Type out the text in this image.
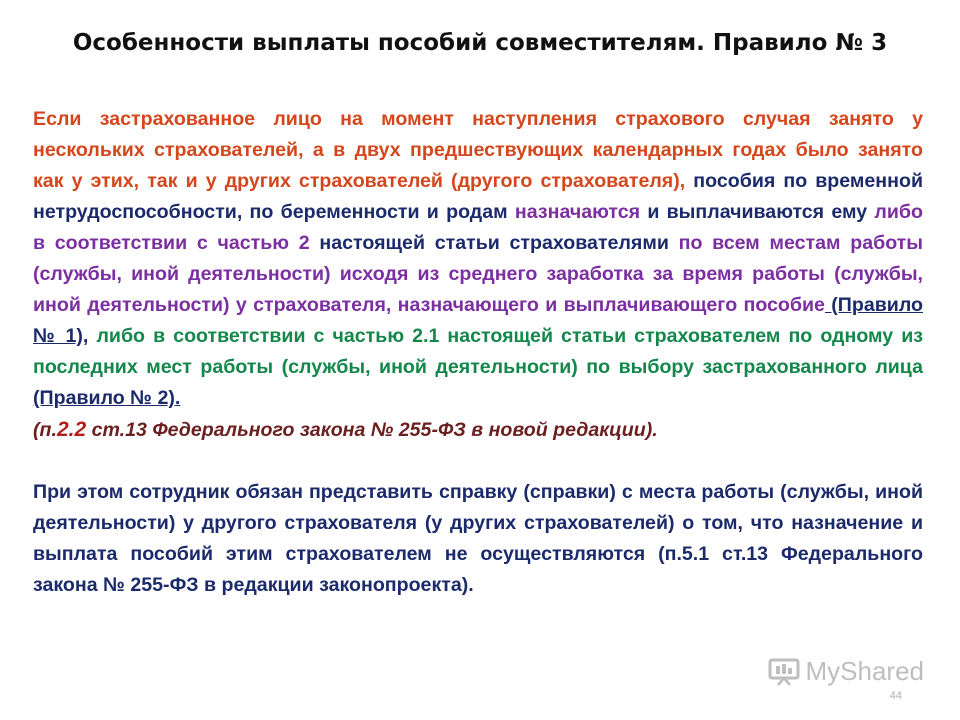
Особенности выплаты пособий совместителям. Правило № 3
Если застрахованное лицо на момент наступления страхового случая занято у нескольких страхователей, а в двух предшествующих календарных годах было занято как у этих, так и у других страхователей (другого страхователя), пособия по временной нетрудоспособности, по беременности и родам назначаются и выплачиваются ему либо в соответствии с частью 2 настоящей статьи страхователями по всем местам работы (службы, иной деятельности) исходя из среднего заработка за время работы (службы, иной деятельности) у страхователя, назначающего и выплачивающего пособие (Правило № 1), либо в соответствии с частью 2.1 настоящей статьи страхователем по одному из последних мест работы (службы, иной деятельности) по выбору застрахованного лица (Правило № 2).
(п.2.2 ст.13 Федерального закона № 255-ФЗ в новой редакции).
При этом сотрудник обязан представить справку (справки) с места работы (службы, иной деятельности) у другого страхователя (у других страхователей) о том, что назначение и выплата пособий этим страхователем не осуществляются (п.5.1 ст.13 Федерального закона № 255-ФЗ в редакции законопроекта).
MyShared
44
